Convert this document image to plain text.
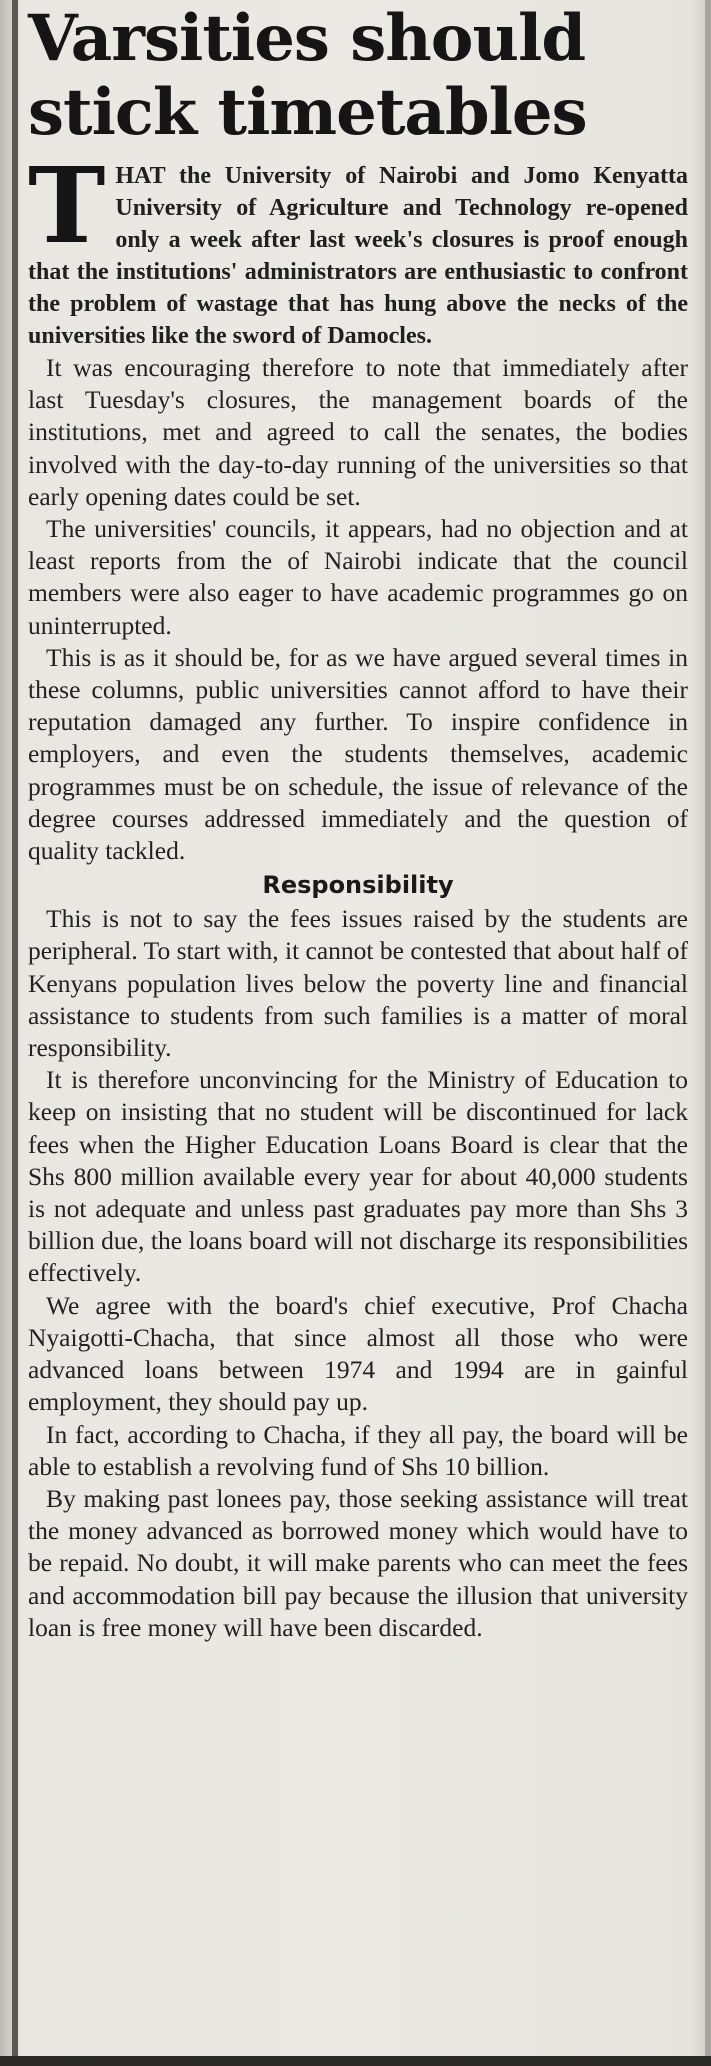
Varsities should stick timetables

THAT the University of Nairobi and Jomo Kenyatta University of Agriculture and Technology re-opened only a week after last week's closures is proof enough that the institutions' administrators are enthusiastic to confront the problem of wastage that has hung above the necks of the universities like the sword of Damocles.

It was encouraging therefore to note that immediately after last Tuesday's closures, the management boards of the institutions, met and agreed to call the senates, the bodies involved with the day-to-day running of the universities so that early opening dates could be set.

The universities' councils, it appears, had no objection and at least reports from the of Nairobi indicate that the council members were also eager to have academic programmes go on uninterrupted.

This is as it should be, for as we have argued several times in these columns, public universities cannot afford to have their reputation damaged any further. To inspire confidence in employers, and even the students themselves, academic programmes must be on schedule, the issue of relevance of the degree courses addressed immediately and the question of quality tackled.

Responsibility

This is not to say the fees issues raised by the students are peripheral. To start with, it cannot be contested that about half of Kenyans population lives below the poverty line and financial assistance to students from such families is a matter of moral responsibility.

It is therefore unconvincing for the Ministry of Education to keep on insisting that no student will be discontinued for lack fees when the Higher Education Loans Board is clear that the Shs 800 million available every year for about 40,000 students is not adequate and unless past graduates pay more than Shs 3 billion due, the loans board will not discharge its responsibilities effectively.

We agree with the board's chief executive, Prof Chacha Nyaigotti-Chacha, that since almost all those who were advanced loans between 1974 and 1994 are in gainful employment, they should pay up.

In fact, according to Chacha, if they all pay, the board will be able to establish a revolving fund of Shs 10 billion.

By making past lonees pay, those seeking assistance will treat the money advanced as borrowed money which would have to be repaid. No doubt, it will make parents who can meet the fees and accommodation bill pay because the illusion that university loan is free money will have been discarded.
